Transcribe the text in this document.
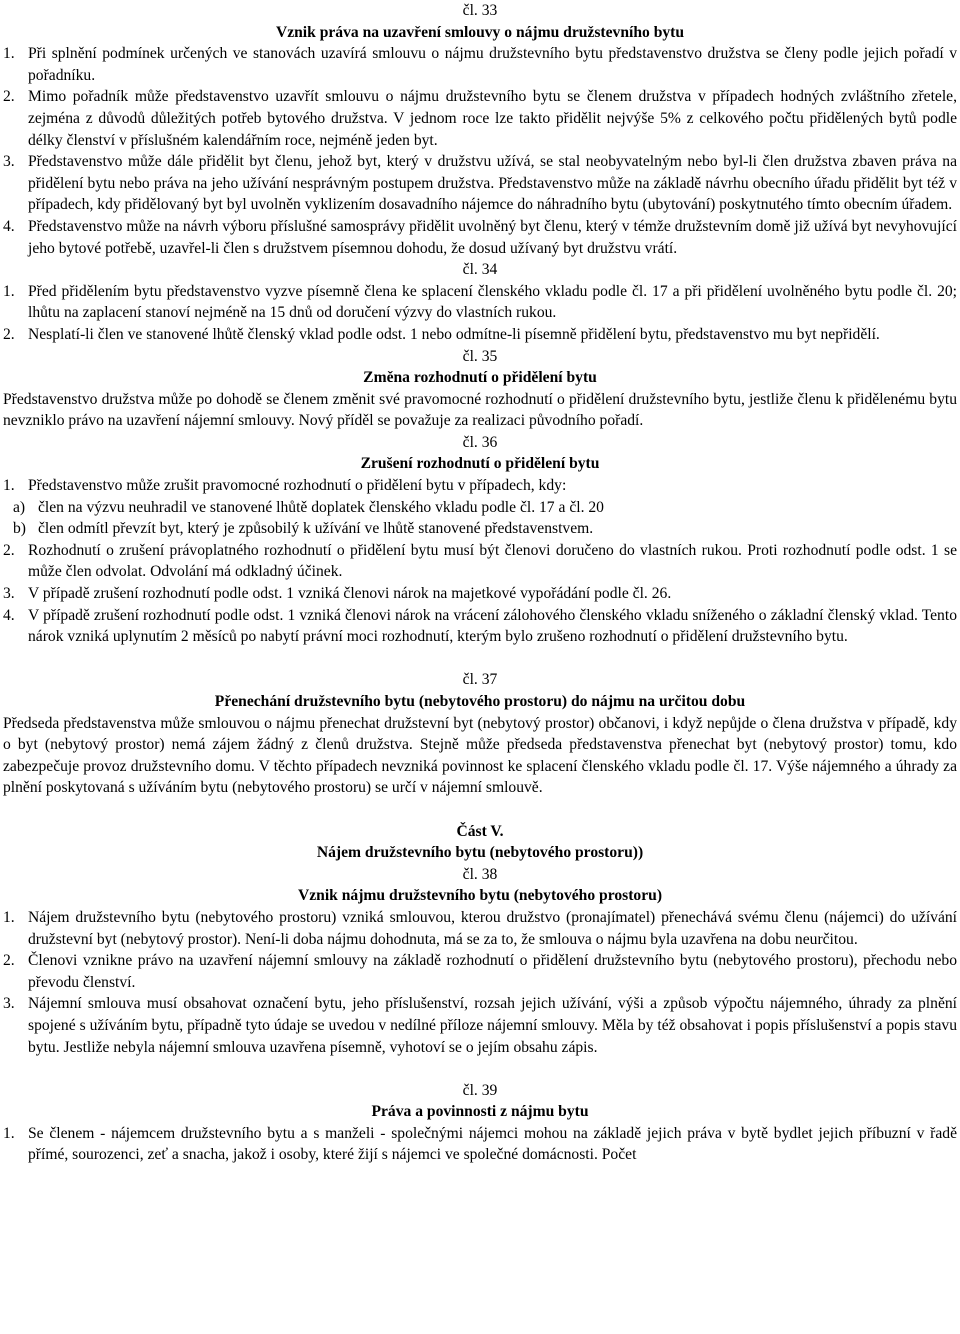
čl. 33
Vznik práva na uzavření smlouvy o nájmu družstevního bytu
1. Při splnění podmínek určených ve stanovách uzavírá smlouvu o nájmu družstevního bytu představenstvo družstva se členy podle jejich pořadí v pořadníku.
2. Mimo pořadník může představenstvo uzavřít smlouvu o nájmu družstevního bytu se členem družstva v případech hodných zvláštního zřetele, zejména z důvodů důležitých potřeb bytového družstva. V jednom roce lze takto přidělit nejvýše 5% z celkového počtu přidělených bytů podle délky členství v příslušném kalendářním roce, nejméně jeden byt.
3. Představenstvo může dále přidělit byt členu, jehož byt, který v družstvu užívá, se stal neobyvatelným nebo byl-li člen družstva zbaven práva na přidělení bytu nebo práva na jeho užívání nesprávným postupem družstva. Představenstvo může na základě návrhu obecního úřadu přidělit byt též v případech, kdy přidělovaný byt byl uvolněn vyklizením dosavadního nájemce do náhradního bytu (ubytování) poskytnutého tímto obecním úřadem.
4. Představenstvo může na návrh výboru příslušné samosprávy přidělit uvolněný byt členu, který v témže družstevním domě již užívá byt nevyhovující jeho bytové potřebě, uzavřel-li člen s družstvem písemnou dohodu, že dosud užívaný byt družstvu vrátí.
čl. 34
1. Před přidělením bytu představenstvo vyzve písemně člena ke splacení členského vkladu podle čl. 17 a při přidělení uvolněného bytu podle čl. 20; lhůtu na zaplacení stanoví nejméně na 15 dnů od doručení výzvy do vlastních rukou.
2. Nesplatí-li člen ve stanovené lhůtě členský vklad podle odst. 1 nebo odmítne-li písemně přidělení bytu, představenstvo mu byt nepřidělí.
čl. 35
Změna rozhodnutí o přidělení bytu
Představenstvo družstva může po dohodě se členem změnit své pravomocné rozhodnutí o přidělení družstevního bytu, jestliže členu k přidělenému bytu nevzniklo právo na uzavření nájemní smlouvy. Nový příděl se považuje za realizaci původního pořadí.
čl. 36
Zrušení rozhodnutí o přidělení bytu
1. Představenstvo může zrušit pravomocné rozhodnutí o přidělení bytu v případech, kdy:
a) člen na výzvu neuhradil ve stanovené lhůtě doplatek členského vkladu podle čl. 17 a čl. 20
b) člen odmítl převzít byt, který je způsobilý k užívání ve lhůtě stanovené představenstvem.
2. Rozhodnutí o zrušení právoplatného rozhodnutí o přidělení bytu musí být členovi doručeno do vlastních rukou. Proti rozhodnutí podle odst. 1 se může člen odvolat. Odvolání má odkladný účinek.
3. V případě zrušení rozhodnutí podle odst. 1 vzniká členovi nárok na majetkové vypořádání podle čl. 26.
4. V případě zrušení rozhodnutí podle odst. 1 vzniká členovi nárok na vrácení zálohového členského vkladu sníženého o základní členský vklad. Tento nárok vzniká uplynutím 2 měsíců po nabytí právní moci rozhodnutí, kterým bylo zrušeno rozhodnutí o přidělení družstevního bytu.
čl. 37
Přenechání družstevního bytu (nebytového prostoru) do nájmu na určitou dobu
Předseda představenstva může smlouvou o nájmu přenechat družstevní byt (nebytový prostor) občanovi, i když nepůjde o člena družstva v případě, kdy o byt (nebytový prostor) nemá zájem žádný z členů družstva. Stejně může předseda představenstva přenechat byt (nebytový prostor) tomu, kdo zabezpečuje provoz družstevního domu. V těchto případech nevzniká povinnost ke splacení členského vkladu podle čl. 17. Výše nájemného a úhrady za plnění poskytovaná s užíváním bytu (nebytového prostoru) se určí v nájemní smlouvě.
Část V.
Nájem družstevního bytu (nebytového prostoru))
čl. 38
Vznik nájmu družstevního bytu (nebytového prostoru)
1. Nájem družstevního bytu (nebytového prostoru) vzniká smlouvou, kterou družstvo (pronajímatel) přenechává svému členu (nájemci) do užívání družstevní byt (nebytový prostor). Není-li doba nájmu dohodnuta, má se za to, že smlouva o nájmu byla uzavřena na dobu neurčitou.
2. Členovi vznikne právo na uzavření nájemní smlouvy na základě rozhodnutí o přidělení družstevního bytu (nebytového prostoru), přechodu nebo převodu členství.
3. Nájemní smlouva musí obsahovat označení bytu, jeho příslušenství, rozsah jejich užívání, výši a způsob výpočtu nájemného, úhrady za plnění spojené s užíváním bytu, případně tyto údaje se uvedou v nedílné příloze nájemní smlouvy. Měla by též obsahovat i popis příslušenství a popis stavu bytu. Jestliže nebyla nájemní smlouva uzavřena písemně, vyhotoví se o jejím obsahu zápis.
čl. 39
Práva a povinnosti z nájmu bytu
1. Se členem - nájemcem družstevního bytu a s manželi - společnými nájemci mohou na základě jejich práva v bytě bydlet jejich příbuzní v řadě přímé, sourozenci, zeť a snacha, jakož i osoby, které žijí s nájemci ve společné domácnosti. Počet
